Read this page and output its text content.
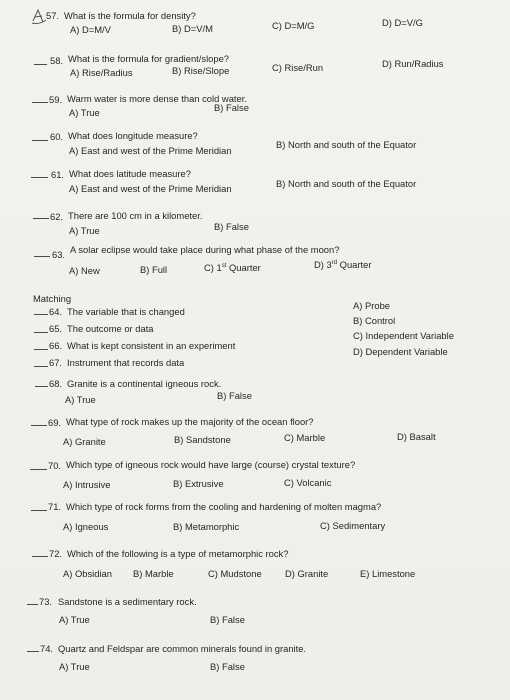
57. What is the formula for density?
A) D=M/V	B) D=V/M	C) D=M/G	D) D=V/G
58. What is the formula for gradient/slope?
A) Rise/Radius	B) Rise/Slope	C) Rise/Run	D) Run/Radius
59. Warm water is more dense than cold water.
A) True	B) False
60. What does longitude measure?
A) East and west of the Prime Meridian
B) North and south of the Equator
61. What does latitude measure?
A) East and west of the Prime Meridian	B) North and south of the Equator
62. There are 100 cm in a kilometer.
A) True	B) False
63. A solar eclipse would take place during what phase of the moon?
A) New	B) Full	C) 1st Quarter	D) 3rd Quarter
Matching
64. The variable that is changed
65. The outcome or data
66. What is kept consistent in an experiment
67. Instrument that records data
A) Probe
B) Control
C) Independent Variable
D) Dependent Variable
68. Granite is a continental igneous rock.
A) True	B) False
69. What type of rock makes up the majority of the ocean floor?
A) Granite	B) Sandstone	C) Marble	D) Basalt
70. Which type of igneous rock would have large (course) crystal texture?
A) Intrusive	B) Extrusive	C) Volcanic
71. Which type of rock forms from the cooling and hardening of molten magma?
A) Igneous	B) Metamorphic	C) Sedimentary
72. Which of the following is a type of metamorphic rock?
A) Obsidian B) Marble	C) Mudstone D) Granite	E) Limestone
73. Sandstone is a sedimentary rock.
A) True	B) False
74. Quartz and Feldspar are common minerals found in granite.
A) True	B) False
